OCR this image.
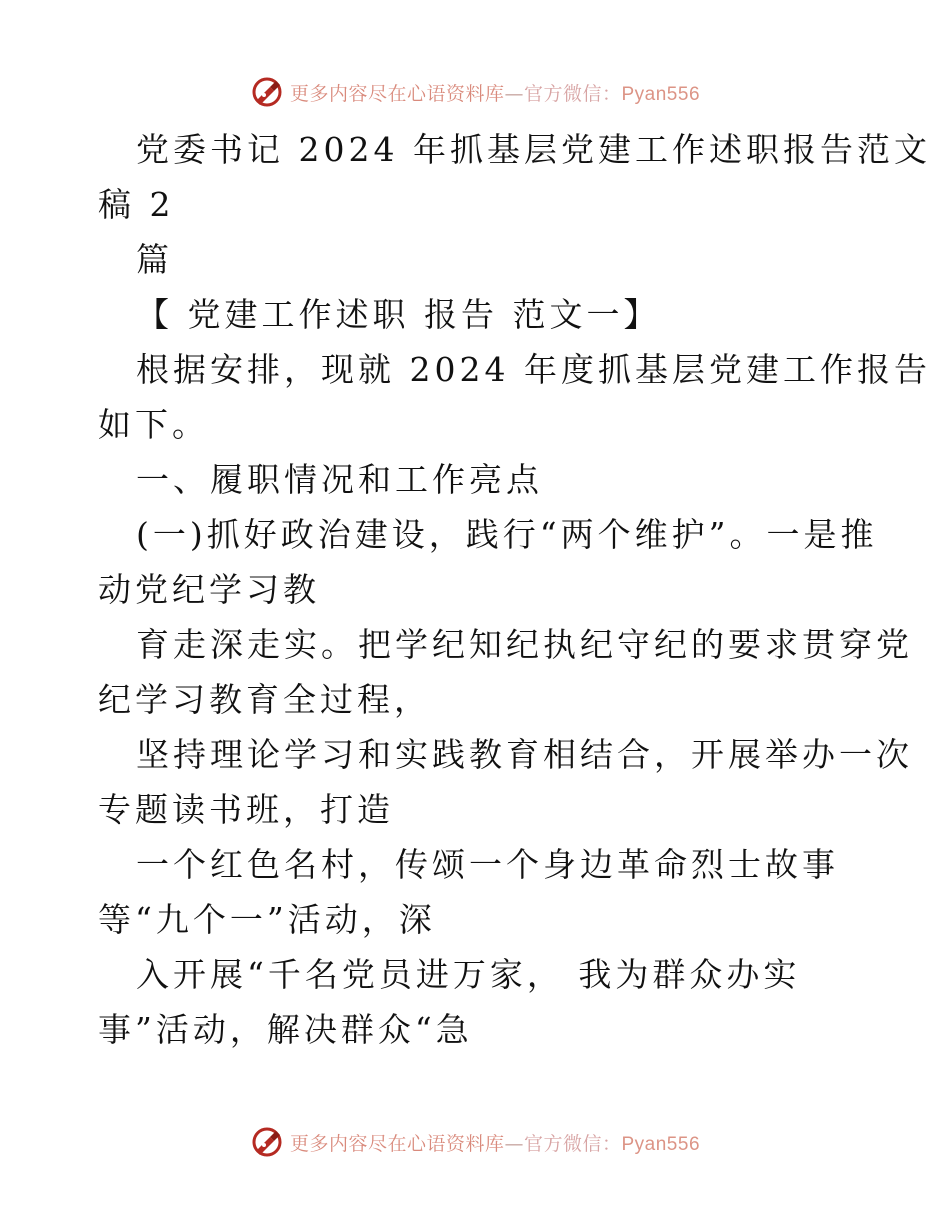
更多内容尽在心语资料库—官方微信：Pyan556

党委书记 2024 年抓基层党建工作述职报告范文

稿 2

篇

【 党建工作述职 报告 范文一】

根据安排，现就 2024 年度抓基层党建工作报告

如下。

一、履职情况和工作亮点

(一)抓好政治建设，践行“两个维护”。一是推

动党纪学习教

育走深走实。把学纪知纪执纪守纪的要求贯穿党

纪学习教育全过程，

坚持理论学习和实践教育相结合，开展举办一次

专题读书班，打造

一个红色名村，传颂一个身边革命烈士故事

等“九个一”活动，深

入开展“千名党员进万家， 我为群众办实

事”活动，解决群众“急

更多内容尽在心语资料库—官方微信：Pyan556
